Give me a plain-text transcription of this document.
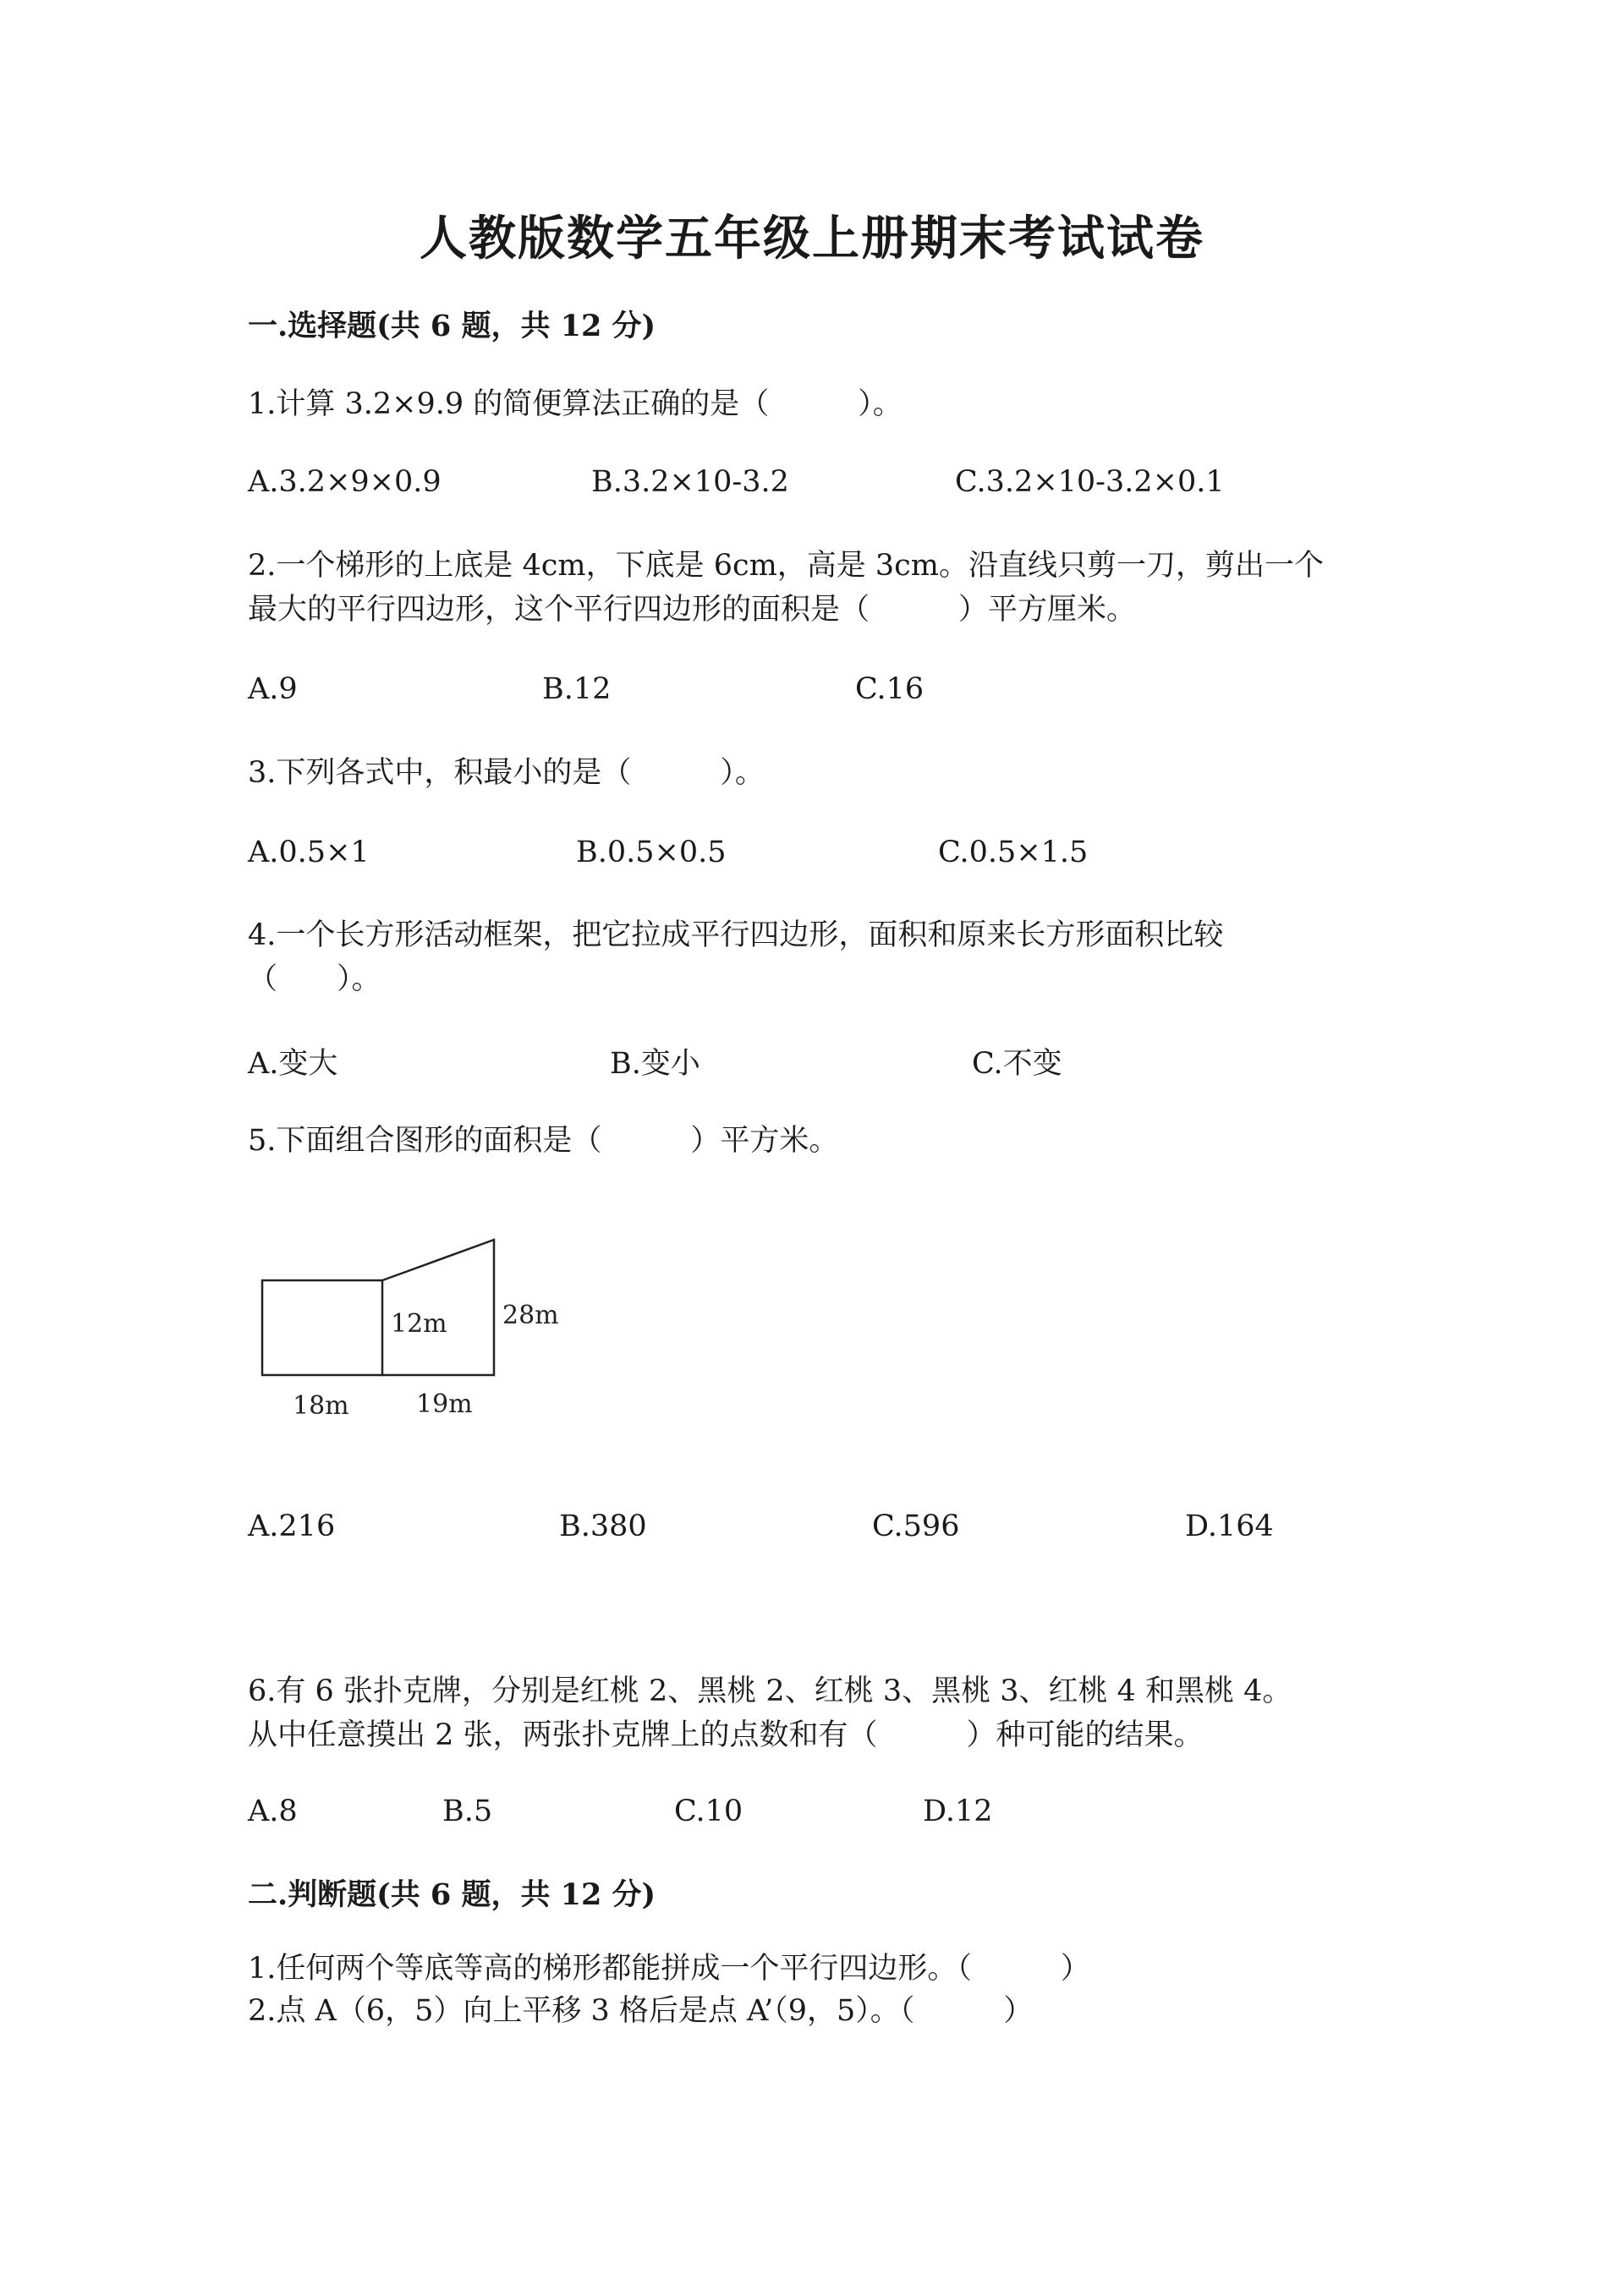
人教版数学五年级上册期末考试试卷
一.选择题(共 6 题，共 12 分)
1.计算 3.2×9.9 的简便算法正确的是（　　　）。
A.3.2×9×0.9	B.3.2×10-3.2	C.3.2×10-3.2×0.1
2.一个梯形的上底是 4cm，下底是 6cm，高是 3cm。沿直线只剪一刀，剪出一个
最大的平行四边形，这个平行四边形的面积是（　　　）平方厘米。
A.9	B.12	C.16
3.下列各式中，积最小的是（　　　）。
A.0.5×1	B.0.5×0.5	C.0.5×1.5
4.一个长方形活动框架，把它拉成平行四边形，面积和原来长方形面积比较
（　　）。
A.变大	B.变小	C.不变
5.下面组合图形的面积是（　　　）平方米。
12m 28m
18m	19m
A.216	B.380	C.596	D.164
6.有 6 张扑克牌，分别是红桃 2、黑桃 2、红桃 3、黑桃 3、红桃 4 和黑桃 4。
从中任意摸出 2 张，两张扑克牌上的点数和有（　　　）种可能的结果。
A.8	B.5	C.10	D.12
二.判断题(共 6 题，共 12 分)
1.任何两个等底等高的梯形都能拼成一个平行四边形。（　　　）
2.点 A（6，5）向上平移 3 格后是点 A’（9，5）。（　　　）
